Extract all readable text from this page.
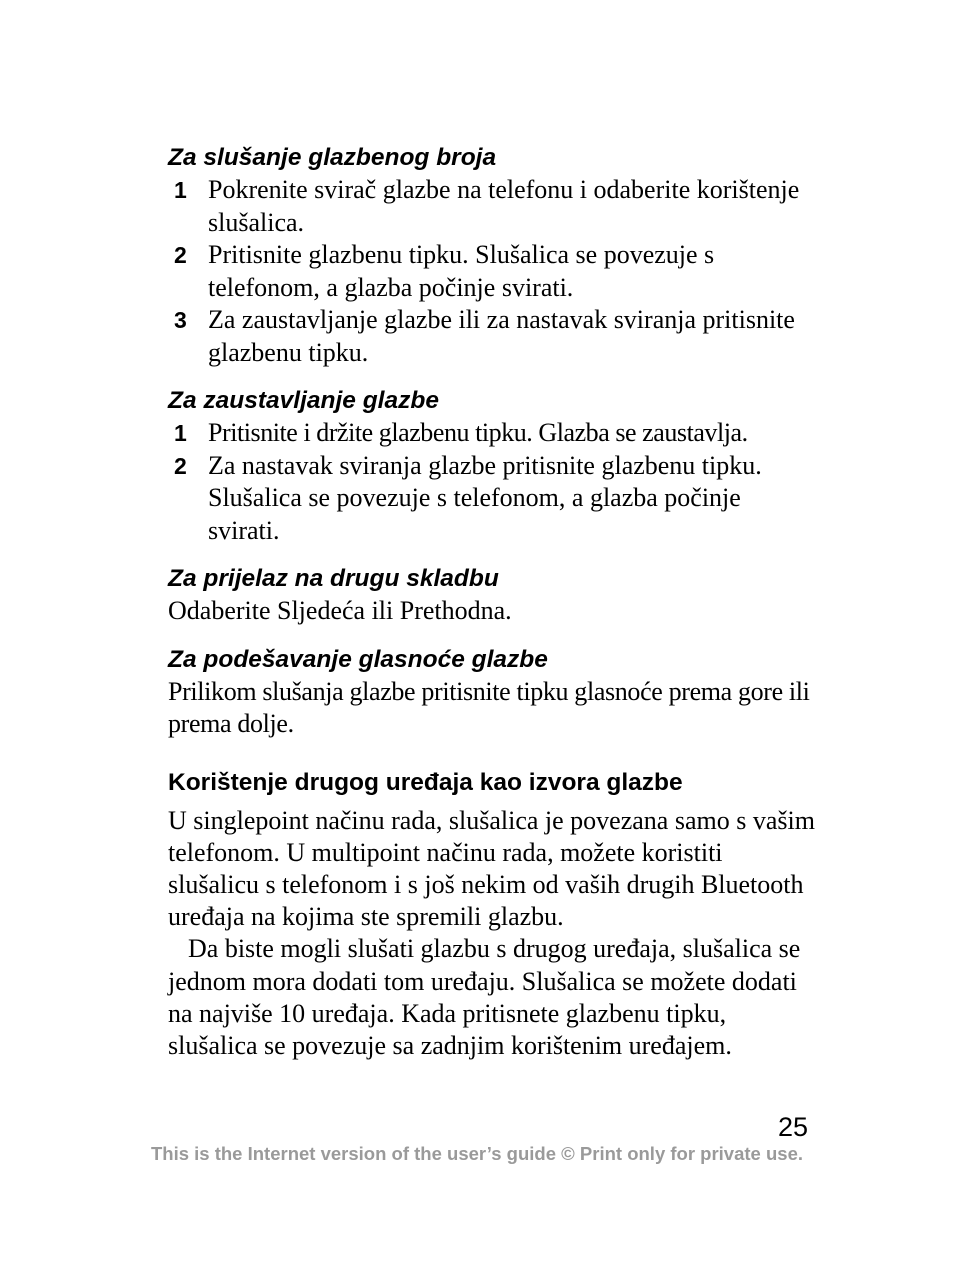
Za slušanje glazbenog broja
1 Pokrenite svirač glazbe na telefonu i odaberite korištenje slušalica.
2 Pritisnite glazbenu tipku. Slušalica se povezuje s telefonom, a glazba počinje svirati.
3 Za zaustavljanje glazbe ili za nastavak sviranja pritisnite glazbenu tipku.
Za zaustavljanje glazbe
1 Pritisnite i držite glazbenu tipku. Glazba se zaustavlja.
2 Za nastavak sviranja glazbe pritisnite glazbenu tipku. Slušalica se povezuje s telefonom, a glazba počinje svirati.
Za prijelaz na drugu skladbu

Odaberite Sljedeća ili Prethodna.

Za podešavanje glasnoće glazbe

Prilikom slušanja glazbe pritisnite tipku glasnoće prema gore ili prema dolje.

Korištenje drugog uređaja kao izvora glazbe

U singlepoint načinu rada, slušalica je povezana samo s vašim telefonom. U multipoint načinu rada, možete koristiti slušalicu s telefonom i s još nekim od vaših drugih Bluetooth uređaja na kojima ste spremili glazbu.

Da biste mogli slušati glazbu s drugog uređaja, slušalica se jednom mora dodati tom uređaju. Slušalica se možete dodati na najviše 10 uređaja. Kada pritisnete glazbenu tipku, slušalica se povezuje sa zadnjim korištenim uređajem.

25
This is the Internet version of the user’s guide © Print only for private use.
